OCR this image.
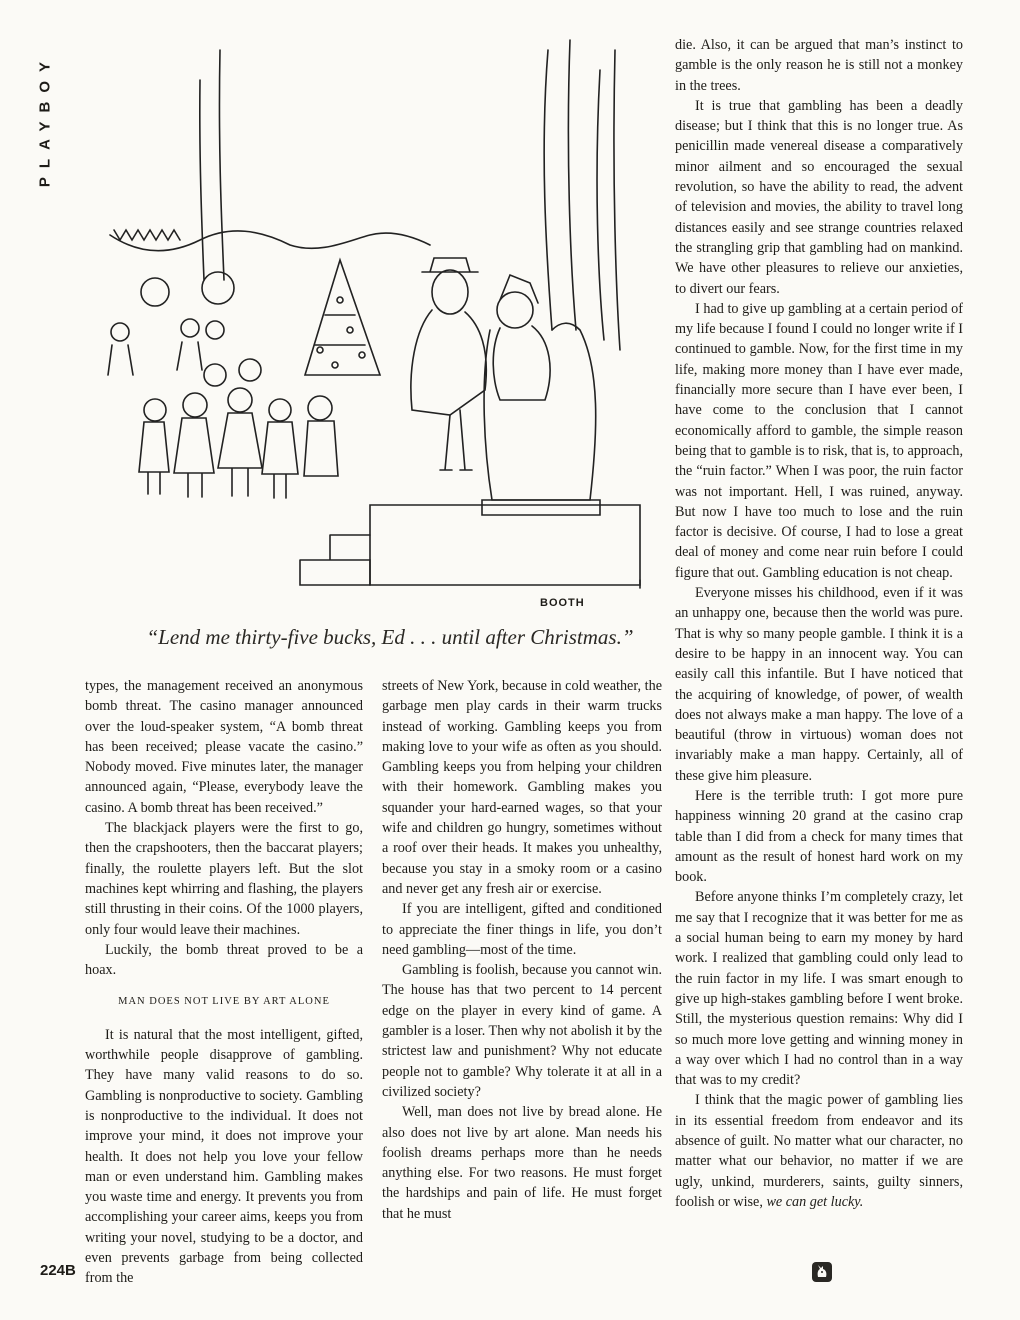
PLAYBOY
BOOTH
“Lend me thirty-five bucks, Ed . . . until after Christmas.”

types, the management received an anonymous bomb threat. The casino manager announced over the loud-speaker system, “A bomb threat has been received; please vacate the casino.” Nobody moved. Five minutes later, the manager announced again, “Please, everybody leave the casino. A bomb threat has been received.”

The blackjack players were the first to go, then the crapshooters, then the baccarat players; finally, the roulette players left. But the slot machines kept whirring and flashing, the players still thrusting in their coins. Of the 1000 players, only four would leave their machines.

Luckily, the bomb threat proved to be a hoax.

MAN DOES NOT LIVE BY ART ALONE

It is natural that the most intelligent, gifted, worthwhile people disapprove of gambling. They have many valid reasons to do so. Gambling is nonproductive to society. Gambling is nonproductive to the individual. It does not improve your mind, it does not improve your health. It does not help you love your fellow man or even understand him. Gambling makes you waste time and energy. It prevents you from accomplishing your career aims, keeps you from writing your novel, studying to be a doctor, and even prevents garbage from being collected from the

streets of New York, because in cold weather, the garbage men play cards in their warm trucks instead of working. Gambling keeps you from making love to your wife as often as you should. Gambling keeps you from helping your children with their homework. Gambling makes you squander your hard-earned wages, so that your wife and children go hungry, sometimes without a roof over their heads. It makes you unhealthy, because you stay in a smoky room or a casino and never get any fresh air or exercise.

If you are intelligent, gifted and conditioned to appreciate the finer things in life, you don’t need gambling—most of the time.

Gambling is foolish, because you cannot win. The house has that two percent to 14 percent edge on the player in every kind of game. A gambler is a loser. Then why not abolish it by the strictest law and punishment? Why not educate people not to gamble? Why tolerate it at all in a civilized society?

Well, man does not live by bread alone. He also does not live by art alone. Man needs his foolish dreams perhaps more than he needs anything else. For two reasons. He must forget the hardships and pain of life. He must forget that he must

die. Also, it can be argued that man’s instinct to gamble is the only reason he is still not a monkey in the trees.

It is true that gambling has been a deadly disease; but I think that this is no longer true. As penicillin made venereal disease a comparatively minor ailment and so encouraged the sexual revolution, so have the ability to read, the advent of television and movies, the ability to travel long distances easily and see strange countries relaxed the strangling grip that gambling had on mankind. We have other pleasures to relieve our anxieties, to divert our fears.

I had to give up gambling at a certain period of my life because I found I could no longer write if I continued to gamble. Now, for the first time in my life, making more money than I have ever made, financially more secure than I have ever been, I have come to the conclusion that I cannot economically afford to gamble, the simple reason being that to gamble is to risk, that is, to approach, the “ruin factor.” When I was poor, the ruin factor was not important. Hell, I was ruined, anyway. But now I have too much to lose and the ruin factor is decisive. Of course, I had to lose a great deal of money and come near ruin before I could figure that out. Gambling education is not cheap.

Everyone misses his childhood, even if it was an unhappy one, because then the world was pure. That is why so many people gamble. I think it is a desire to be happy in an innocent way. You can easily call this infantile. But I have noticed that the acquiring of knowledge, of power, of wealth does not always make a man happy. The love of a beautiful (throw in virtuous) woman does not invariably make a man happy. Certainly, all of these give him pleasure.

Here is the terrible truth: I got more pure happiness winning 20 grand at the casino crap table than I did from a check for many times that amount as the result of honest hard work on my book.

Before anyone thinks I’m completely crazy, let me say that I recognize that it was better for me as a social human being to earn my money by hard work. I realized that gambling could only lead to the ruin factor in my life. I was smart enough to give up high-stakes gambling before I went broke. Still, the mysterious question remains: Why did I so much more love getting and winning money in a way over which I had no control than in a way that was to my credit?

I think that the magic power of gambling lies in its essential freedom from endeavor and its absence of guilt. No matter what our character, no matter what our behavior, no matter if we are ugly, unkind, murderers, saints, guilty sinners, foolish or wise, we can get lucky.

224B
